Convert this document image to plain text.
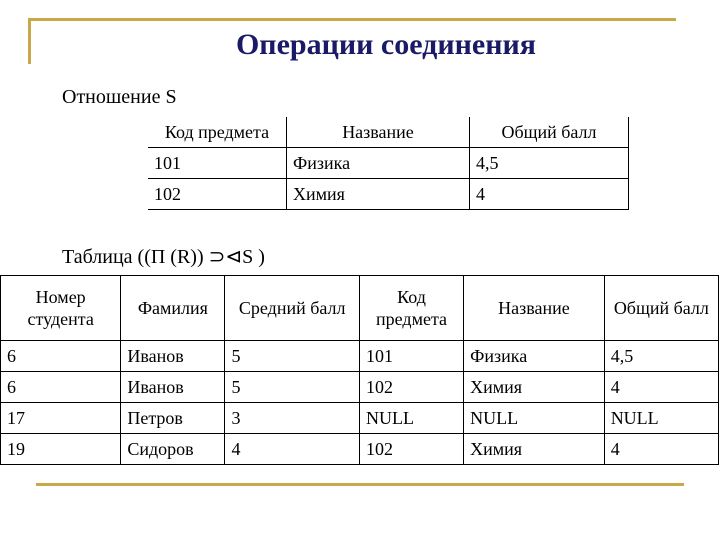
Операции соединения
Отношение S
Код предмета	Название	Общий балл
101	Физика	4,5
102	Химия	4
Таблица ((П (R)) ⊃⊲S )
Номер студента	Фамилия	Средний балл	Код предмета	Название	Общий балл
6	Иванов	5	101	Физика	4,5
6	Иванов	5	102	Химия	4
17	Петров	3	NULL	NULL	NULL
19	Сидоров	4	102	Химия	4
